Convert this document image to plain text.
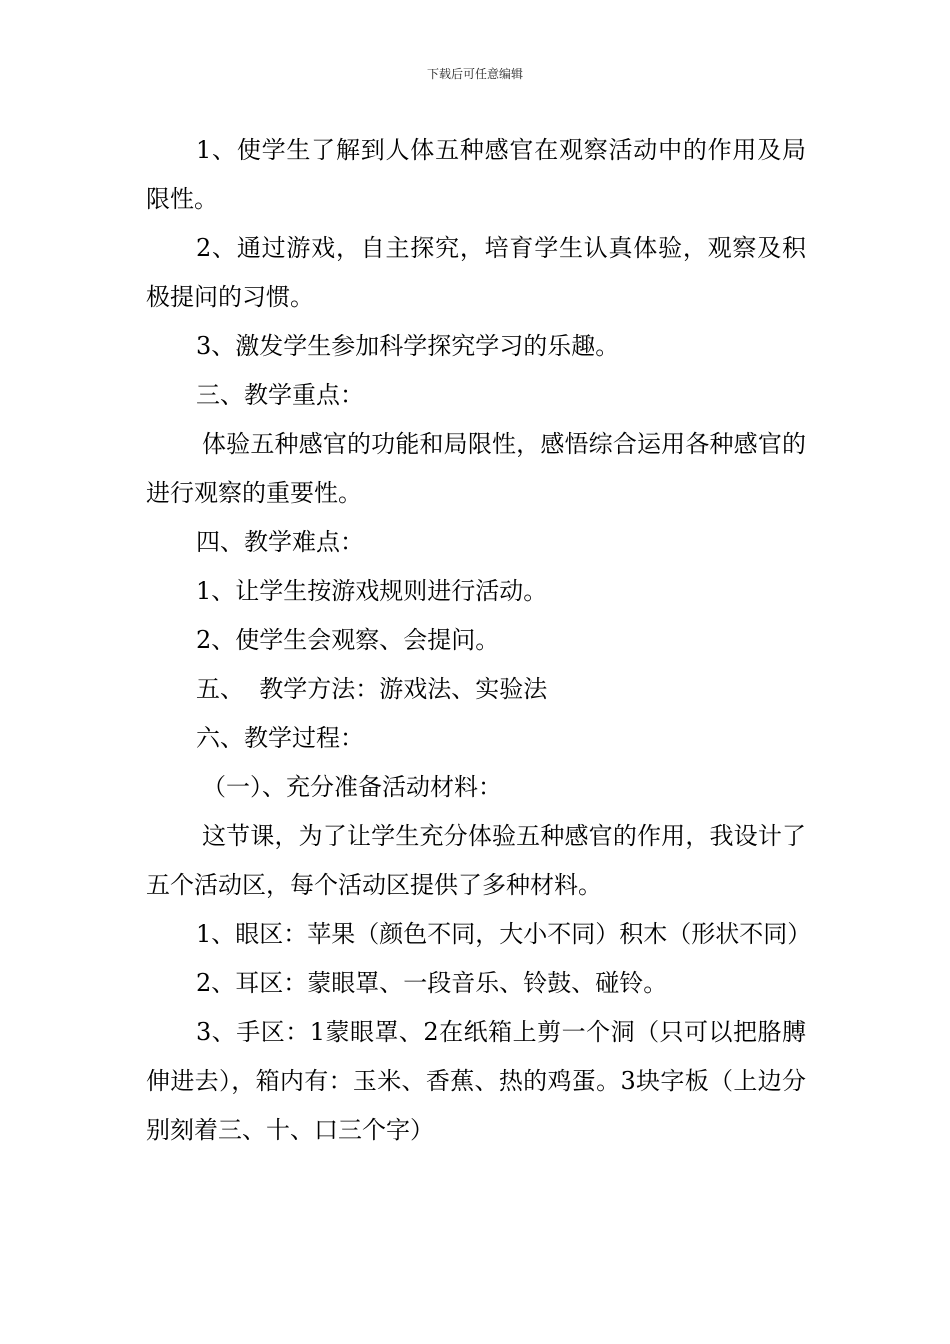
下载后可任意编辑

1、使学生了解到人体五种感官在观察活动中的作用及局限性。

2、通过游戏，自主探究，培育学生认真体验，观察及积极提问的习惯。

3、激发学生参加科学探究学习的乐趣。

三、教学重点：

体验五种感官的功能和局限性，感悟综合运用各种感官的进行观察的重要性。

四、教学难点：

1、让学生按游戏规则进行活动。

2、使学生会观察、会提问。

五、  教学方法：游戏法、实验法

六、教学过程：

（一）、充分准备活动材料：

这节课，为了让学生充分体验五种感官的作用，我设计了五个活动区，每个活动区提供了多种材料。

1、眼区：苹果（颜色不同，大小不同）积木（形状不同）

2、耳区：蒙眼罩、一段音乐、铃鼓、碰铃。

3、手区：1蒙眼罩、2在纸箱上剪一个洞（只可以把胳膊伸进去），箱内有：玉米、香蕉、热的鸡蛋。3块字板（上边分别刻着三、十、口三个字）
